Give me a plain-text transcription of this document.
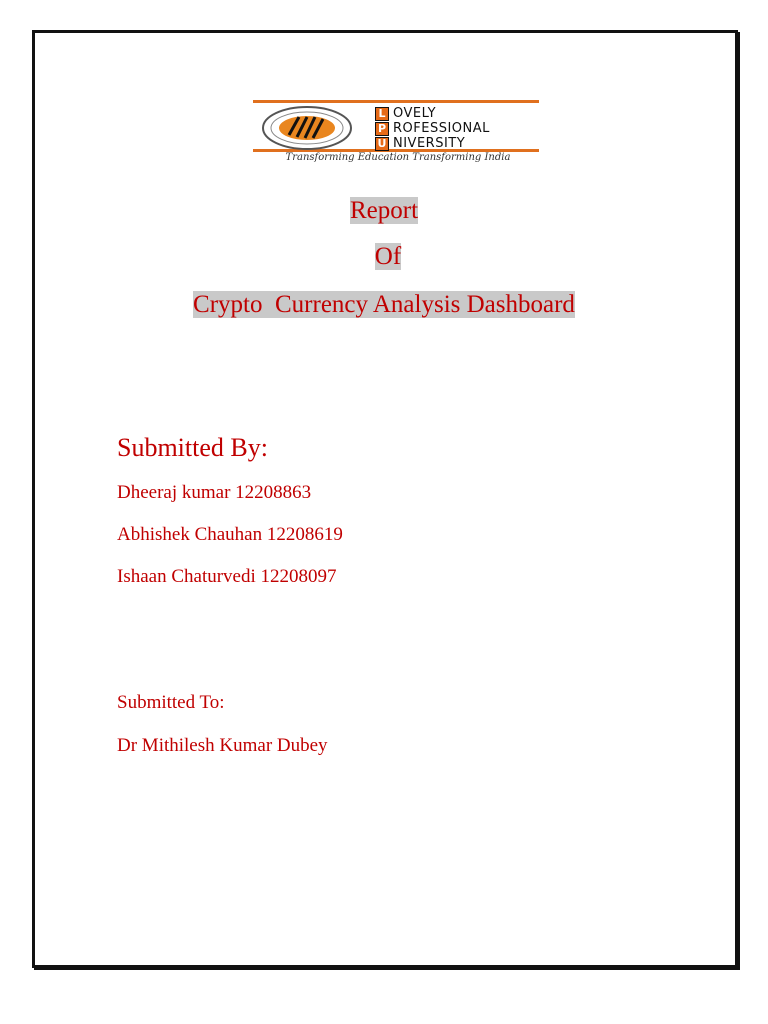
L
P
U
OVELY
ROFESSIONAL
NIVERSITY
Transforming Education Transforming India
Report
Of
Crypto  Currency Analysis Dashboard
Submitted By:
Dheeraj kumar 12208863
Abhishek Chauhan 12208619
Ishaan Chaturvedi 12208097
Submitted To:
Dr Mithilesh Kumar Dubey
